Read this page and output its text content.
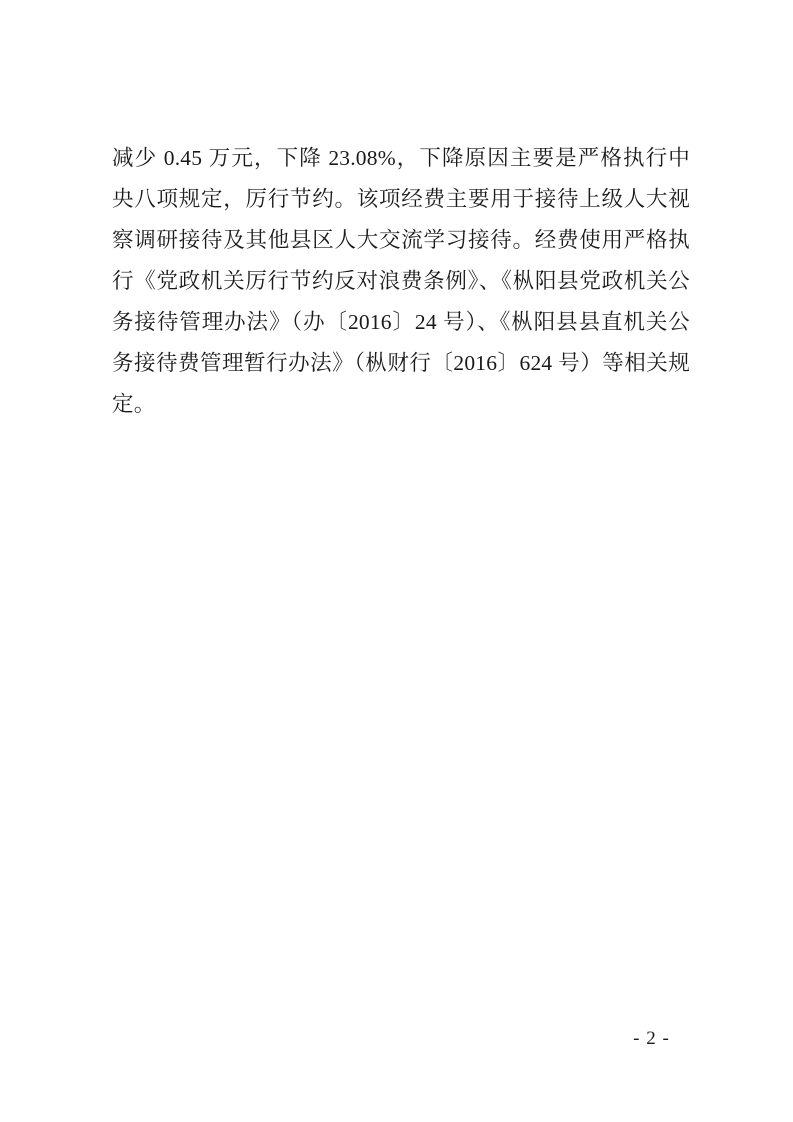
减少 0.45 万元，下降 23.08%，下降原因主要是严格执行中央八项规定，厉行节约。该项经费主要用于接待上级人大视察调研接待及其他县区人大交流学习接待。经费使用严格执行《党政机关厉行节约反对浪费条例》、《枞阳县党政机关公务接待管理办法》（办〔2016〕24 号）、《枞阳县县直机关公务接待费管理暂行办法》（枞财行〔2016〕624 号）等相关规定。
- 2 -
